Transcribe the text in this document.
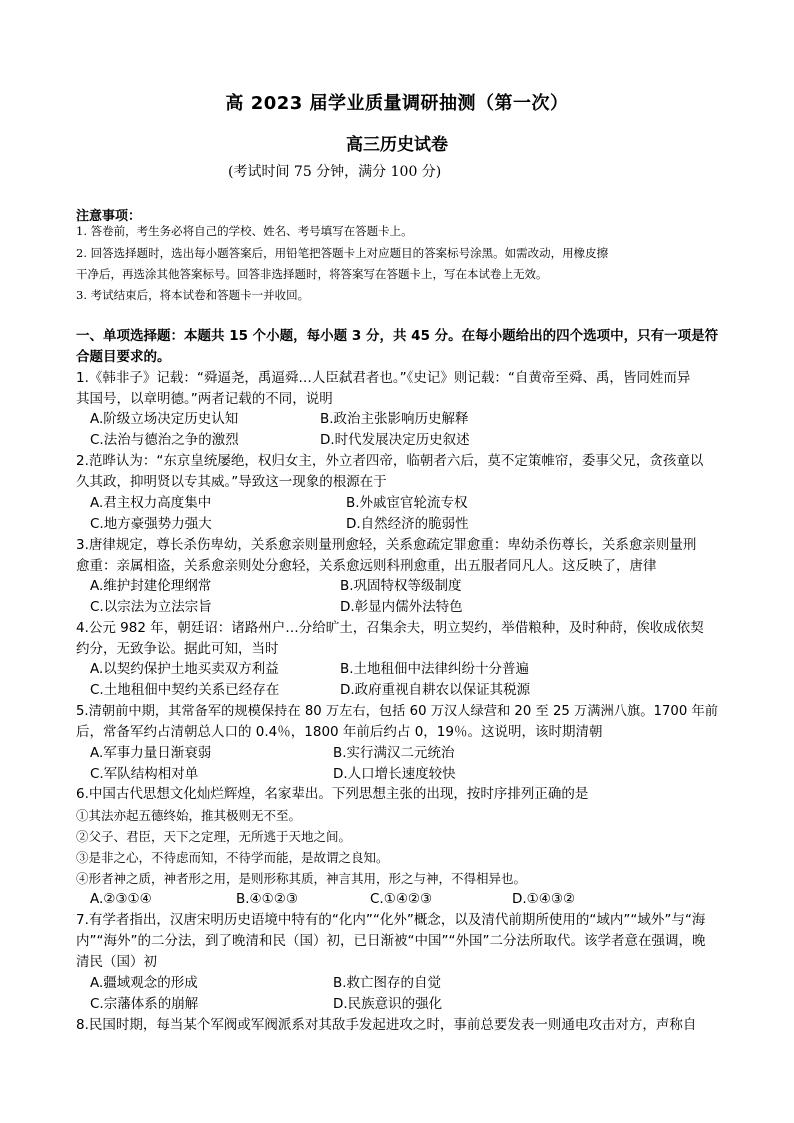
高 2023 届学业质量调研抽测（第一次）
高三历史试卷
(考试时间 75 分钟，满分 100 分)
注意事项：
1. 答卷前，考生务必将自己的学校、姓名、考号填写在答题卡上。
2. 回答选择题时，选出每小题答案后，用铅笔把答题卡上对应题目的答案标号涂黑。如需改动，用橡皮擦
干净后，再选涂其他答案标号。回答非选择题时，将答案写在答题卡上，写在本试卷上无效。
3. 考试结束后，将本试卷和答题卡一并收回。
一、单项选择题：本题共 15 个小题，每小题 3 分，共 45 分。在每小题给出的四个选项中，只有一项是符
合题目要求的。
1.《韩非子》记载：“舜逼尧，禹逼舜…人臣弑君者也。”《史记》则记载：“自黄帝至舜、禹，皆同姓而异
其国号，以章明德。”两者记载的不同，说明
A.阶级立场决定历史认知	B.政治主张影响历史解释
C.法治与德治之争的激烈	D.时代发展决定历史叙述
2.范晔认为：“东京皇统屡绝，权归女主，外立者四帝，临朝者六后，莫不定策帷帘，委事父兄，贪孩童以
久其政，抑明贤以专其威。”导致这一现象的根源在于
A.君主权力高度集中	B.外戚宦官轮流专权
C.地方豪强势力强大	D.自然经济的脆弱性
3.唐律规定，尊长杀伤卑幼，关系愈亲则量刑愈轻，关系愈疏定罪愈重：卑幼杀伤尊长，关系愈亲则量刑
愈重：亲属相盗，关系愈亲则处分愈轻，关系愈远则科刑愈重，出五服者同凡人。这反映了，唐律
A.维护封建伦理纲常	B.巩固特权等级制度
C.以宗法为立法宗旨	D.彰显内儒外法特色
4.公元 982 年，朝廷诏：诸路州户…分给旷土，召集余夫，明立契约，举借粮种，及时种莳，俟收成依契
约分，无致争讼。据此可知，当时
A.以契约保护土地买卖双方利益	B.土地租佃中法律纠纷十分普遍
C.土地租佃中契约关系已经存在	D.政府重视自耕农以保证其税源
5.清朝前中期，其常备军的规模保持在 80 万左右，包括 60 万汉人绿营和 20 至 25 万满洲八旗。1700 年前
后，常备军约占清朝总人口的 0.4％，1800 年前后约占 0，19％。这说明，该时期清朝
A.军事力量日渐衰弱	B.实行满汉二元统治
C.军队结构相对单	D.人口增长速度较快
6.中国古代思想文化灿烂辉煌，名家辈出。下列思想主张的出现，按时序排列正确的是
①其法亦起五德终始，推其极则无不至。
②父子、君臣，天下之定理，无所逃于天地之间。
③是非之心，不待虑而知，不待学而能，是故谓之良知。
④形者神之质，神者形之用，是则形称其质，神言其用，形之与神，不得相异也。
A.②③①④	B.④①②③	C.①④②③	D.①④③②
7.有学者指出，汉唐宋明历史语境中特有的“化内”“化外”概念，以及清代前期所使用的“域内”“域外”与“海
内”“海外”的二分法，到了晚清和民（国）初，已日渐被“中国”“外国”二分法所取代。该学者意在强调，晚
清民（国）初
A.疆域观念的形成	B.救亡图存的自觉
C.宗藩体系的崩解	D.民族意识的强化
8.民国时期，每当某个军阀或军阀派系对其敌手发起进攻之时，事前总要发表一则通电攻击对方，声称自
